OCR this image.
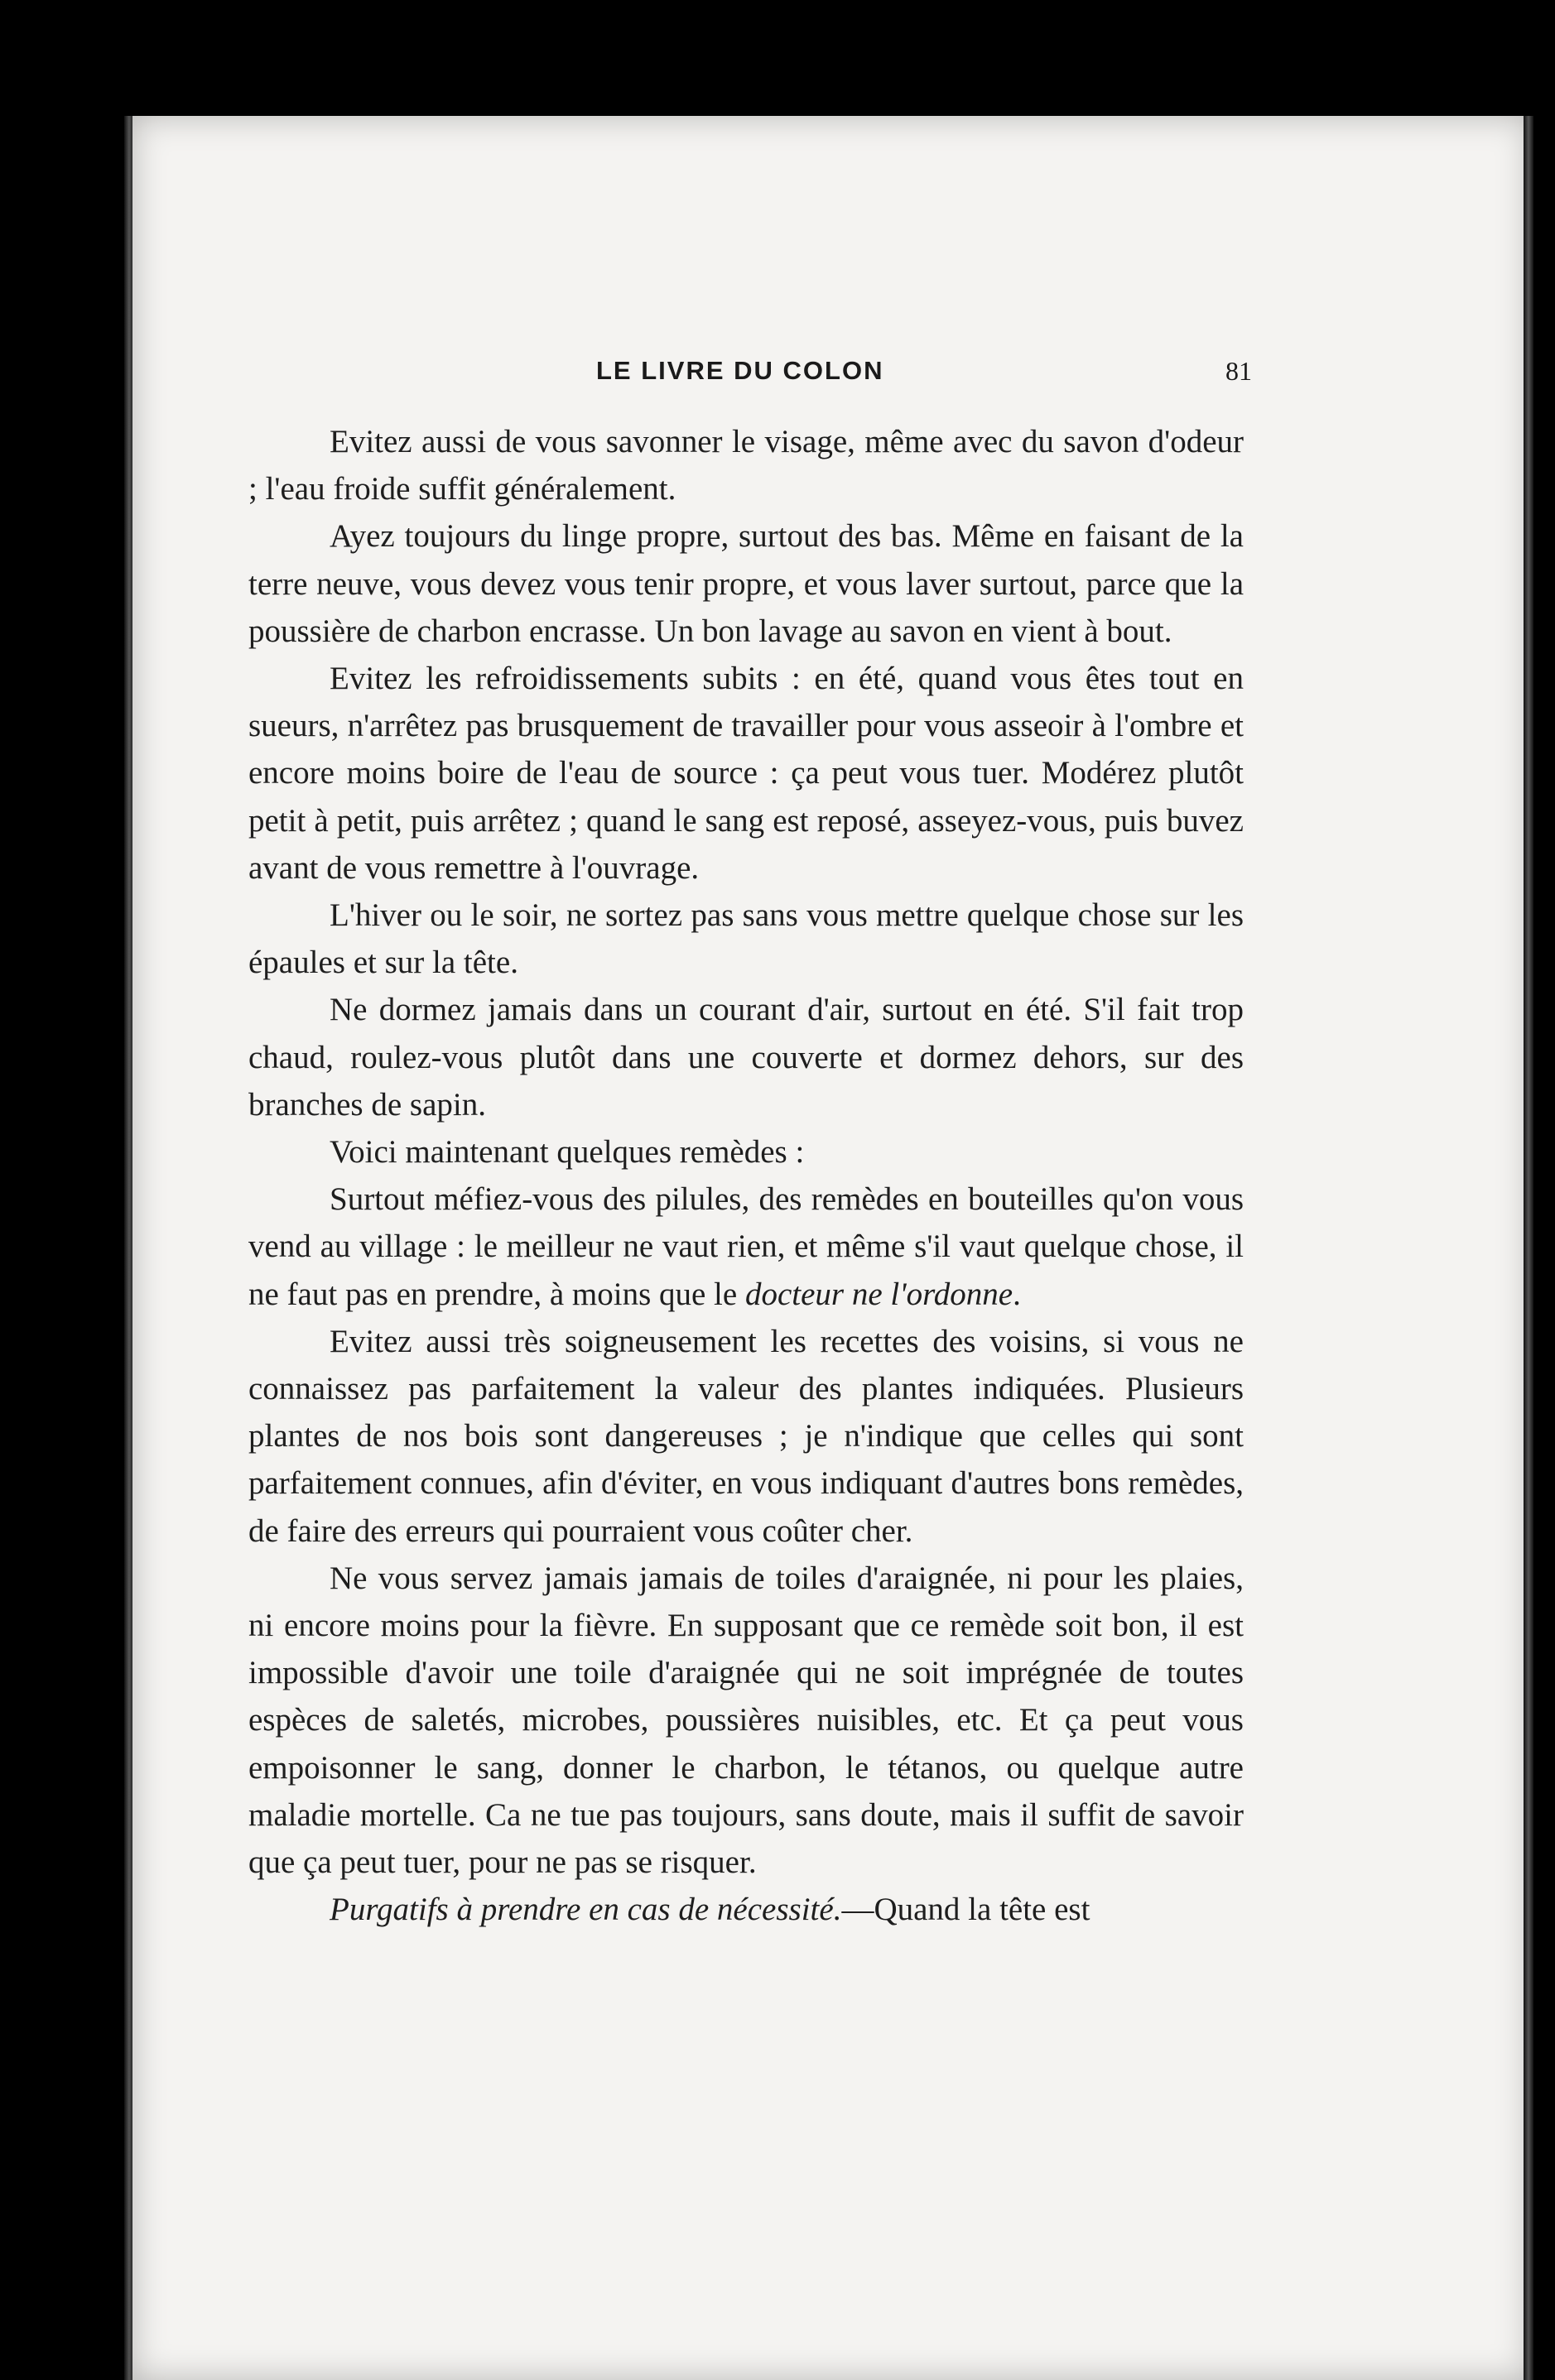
LE LIVRE DU COLON	81

Evitez aussi de vous savonner le visage, même avec du savon d'odeur ; l'eau froide suffit généralement.

Ayez toujours du linge propre, surtout des bas. Même en faisant de la terre neuve, vous devez vous tenir propre, et vous laver surtout, parce que la poussière de charbon encrasse. Un bon lavage au savon en vient à bout.

Evitez les refroidissements subits : en été, quand vous êtes tout en sueurs, n'arrêtez pas brusquement de travailler pour vous asseoir à l'ombre et encore moins boire de l'eau de source : ça peut vous tuer. Modérez plutôt petit à petit, puis arrêtez ; quand le sang est reposé, asseyez-vous, puis buvez avant de vous remettre à l'ouvrage.

L'hiver ou le soir, ne sortez pas sans vous mettre quelque chose sur les épaules et sur la tête.

Ne dormez jamais dans un courant d'air, surtout en été. S'il fait trop chaud, roulez-vous plutôt dans une couverte et dormez dehors, sur des branches de sapin.

Voici maintenant quelques remèdes :

Surtout méfiez-vous des pilules, des remèdes en bouteilles qu'on vous vend au village : le meilleur ne vaut rien, et même s'il vaut quelque chose, il ne faut pas en prendre, à moins que le docteur ne l'ordonne.

Evitez aussi très soigneusement les recettes des voisins, si vous ne connaissez pas parfaitement la valeur des plantes indiquées. Plusieurs plantes de nos bois sont dangereuses ; je n'indique que celles qui sont parfaitement connues, afin d'éviter, en vous indiquant d'autres bons remèdes, de faire des erreurs qui pourraient vous coûter cher.

Ne vous servez jamais jamais de toiles d'araignée, ni pour les plaies, ni encore moins pour la fièvre. En supposant que ce remède soit bon, il est impossible d'avoir une toile d'araignée qui ne soit imprégnée de toutes espèces de saletés, microbes, poussières nuisibles, etc. Et ça peut vous empoisonner le sang, donner le charbon, le tétanos, ou quelque autre maladie mortelle. Ca ne tue pas toujours, sans doute, mais il suffit de savoir que ça peut tuer, pour ne pas se risquer.

Purgatifs à prendre en cas de nécessité.—Quand la tête est
